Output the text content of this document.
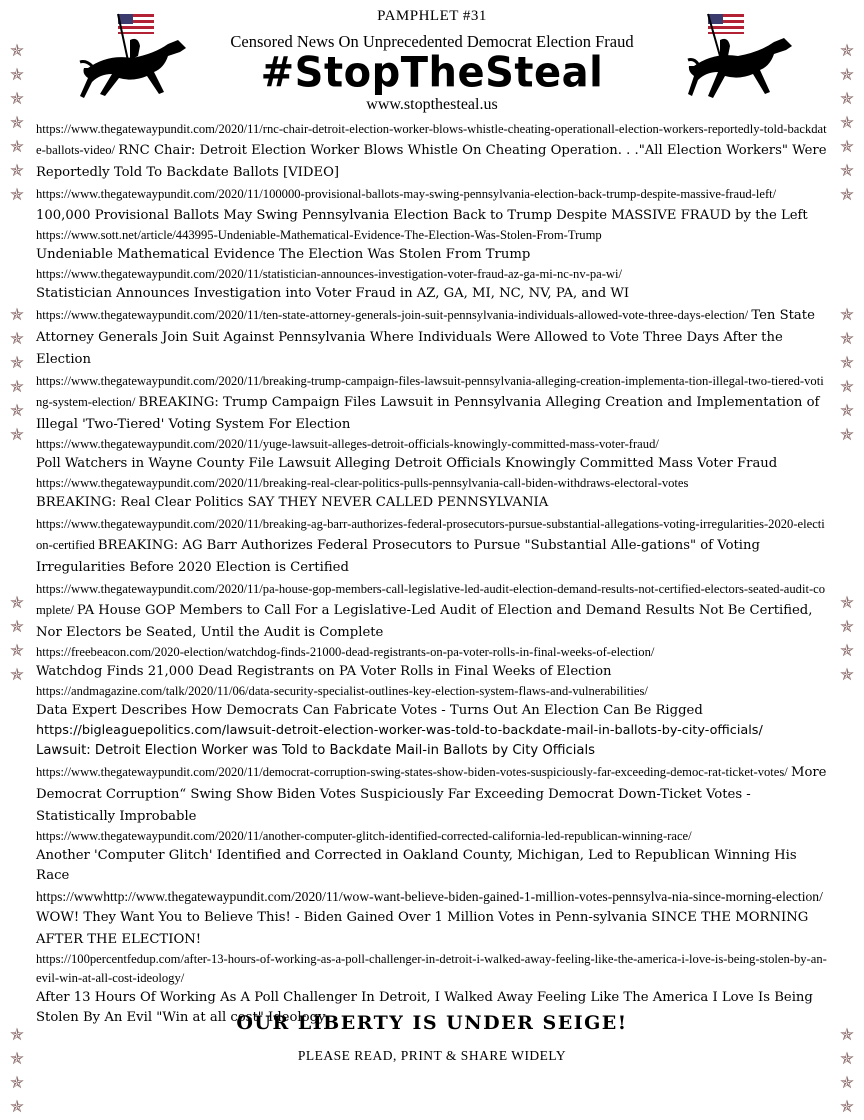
PAMPHLET #31
Censored News On Unprecedented Democrat Election Fraud
#StopTheSteal
www.stopthesteal.us
✯
✯
✯
✯
✯
✯
✯
✯
✯
✯
✯
✯
✯
✯
✯
✯
✯
✯
✯
✯
✯
✯
✯
✯
✯
✯
✯
✯
✯
✯
✯
✯
✯
✯
✯
✯
✯
✯
✯
✯
✯
✯
https://www.thegatewaypundit.com/2020/11/rnc-chair-detroit-election-worker-blows-whistle-cheating-operationall-election-workers-reportedly-told-backdate-ballots-video/ RNC Chair: Detroit Election Worker Blows Whistle On Cheating Operation. . ."All Election Workers" Were Reportedly Told To Backdate Ballots [VIDEO]
https://www.thegatewaypundit.com/2020/11/100000-provisional-ballots-may-swing-pennsylvania-election-back-trump-despite-massive-fraud-left/ 100,000 Provisional Ballots May Swing Pennsylvania Election Back to Trump Despite MASSIVE FRAUD by the Left
https://www.sott.net/article/443995-Undeniable-Mathematical-Evidence-The-Election-Was-Stolen-From-Trump
Undeniable Mathematical Evidence The Election Was Stolen From Trump
https://www.thegatewaypundit.com/2020/11/statistician-announces-investigation-voter-fraud-az-ga-mi-nc-nv-pa-wi/
Statistician Announces Investigation into Voter Fraud in AZ, GA, MI, NC, NV, PA, and WI
https://www.thegatewaypundit.com/2020/11/ten-state-attorney-generals-join-suit-pennsylvania-individuals-allowed-vote-three-days-election/ Ten State Attorney Generals Join Suit Against Pennsylvania Where Individuals Were Allowed to Vote Three Days After the Election
https://www.thegatewaypundit.com/2020/11/breaking-trump-campaign-files-lawsuit-pennsylvania-alleging-creation-implementa-tion-illegal-two-tiered-voting-system-election/ BREAKING: Trump Campaign Files Lawsuit in Pennsylvania Alleging Creation and Implementation of Illegal 'Two-Tiered' Voting System For Election
https://www.thegatewaypundit.com/2020/11/yuge-lawsuit-alleges-detroit-officials-knowingly-committed-mass-voter-fraud/
Poll Watchers in Wayne County File Lawsuit Alleging Detroit Officials Knowingly Committed Mass Voter Fraud
https://www.thegatewaypundit.com/2020/11/breaking-real-clear-politics-pulls-pennsylvania-call-biden-withdraws-electoral-votes
BREAKING: Real Clear Politics SAY THEY NEVER CALLED PENNSYLVANIA
https://www.thegatewaypundit.com/2020/11/breaking-ag-barr-authorizes-federal-prosecutors-pursue-substantial-allegations-voting-irregularities-2020-election-certified BREAKING: AG Barr Authorizes Federal Prosecutors to Pursue "Substantial Alle-gations" of Voting Irregularities Before 2020 Election is Certified
https://www.thegatewaypundit.com/2020/11/pa-house-gop-members-call-legislative-led-audit-election-demand-results-not-certified-electors-seated-audit-complete/ PA House GOP Members to Call For a Legislative-Led Audit of Election and Demand Results Not Be Certified, Nor Electors be Seated, Until the Audit is Complete
https://freebeacon.com/2020-election/watchdog-finds-21000-dead-registrants-on-pa-voter-rolls-in-final-weeks-of-election/
Watchdog Finds 21,000 Dead Registrants on PA Voter Rolls in Final Weeks of Election
https://andmagazine.com/talk/2020/11/06/data-security-specialist-outlines-key-election-system-flaws-and-vulnerabilities/
Data Expert Describes How Democrats Can Fabricate Votes - Turns Out An Election Can Be Rigged
https://bigleaguepolitics.com/lawsuit-detroit-election-worker-was-told-to-backdate-mail-in-ballots-by-city-officials/
Lawsuit: Detroit Election Worker was Told to Backdate Mail-in Ballots by City Officials
https://www.thegatewaypundit.com/2020/11/democrat-corruption-swing-states-show-biden-votes-suspiciously-far-exceeding-democ-rat-ticket-votes/ More Democrat Corruption“ Swing Show Biden Votes Suspiciously Far Exceeding Democrat Down-Ticket Votes - Statistically Improbable
https://www.thegatewaypundit.com/2020/11/another-computer-glitch-identified-corrected-california-led-republican-winning-race/
Another 'Computer Glitch' Identified and Corrected in Oakland County, Michigan, Led to Republican Winning His Race
https://wwwhttp://www.thegatewaypundit.com/2020/11/wow-want-believe-biden-gained-1-million-votes-pennsylva-nia-since-morning-election/ WOW! They Want You to Believe This! - Biden Gained Over 1 Million Votes in Penn-sylvania SINCE THE MORNING AFTER THE ELECTION!
https://100percentfedup.com/after-13-hours-of-working-as-a-poll-challenger-in-detroit-i-walked-away-feeling-like-the-america-i-love-is-being-stolen-by-an-evil-win-at-all-cost-ideology/
After 13 Hours Of Working As A Poll Challenger In Detroit, I Walked Away Feeling Like The America I Love Is Being Stolen By An Evil "Win at all cost" Ideology
OUR LIBERTY IS UNDER SEIGE!
PLEASE READ, PRINT & SHARE WIDELY
